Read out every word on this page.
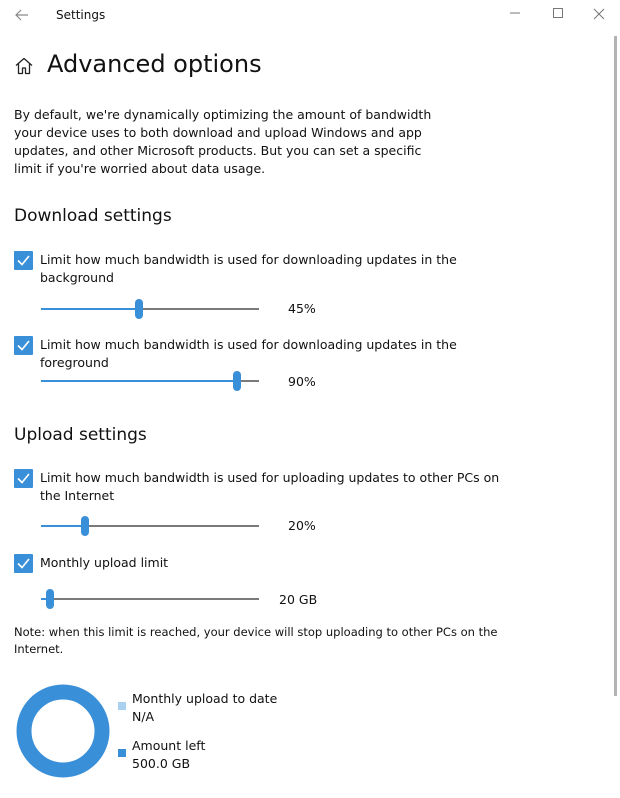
Settings
Advanced options
By default, we're dynamically optimizing the amount of bandwidth your device uses to both download and upload Windows and app updates, and other Microsoft products. But you can set a specific limit if you're worried about data usage.
Download settings
Limit how much bandwidth is used for downloading updates in the background
45%
Limit how much bandwidth is used for downloading updates in the foreground
90%
Upload settings
Limit how much bandwidth is used for uploading updates to other PCs on the Internet
20%
Monthly upload limit
20 GB
Note: when this limit is reached, your device will stop uploading to other PCs on the Internet.
Monthly upload to date
N/A
Amount left
500.0 GB
